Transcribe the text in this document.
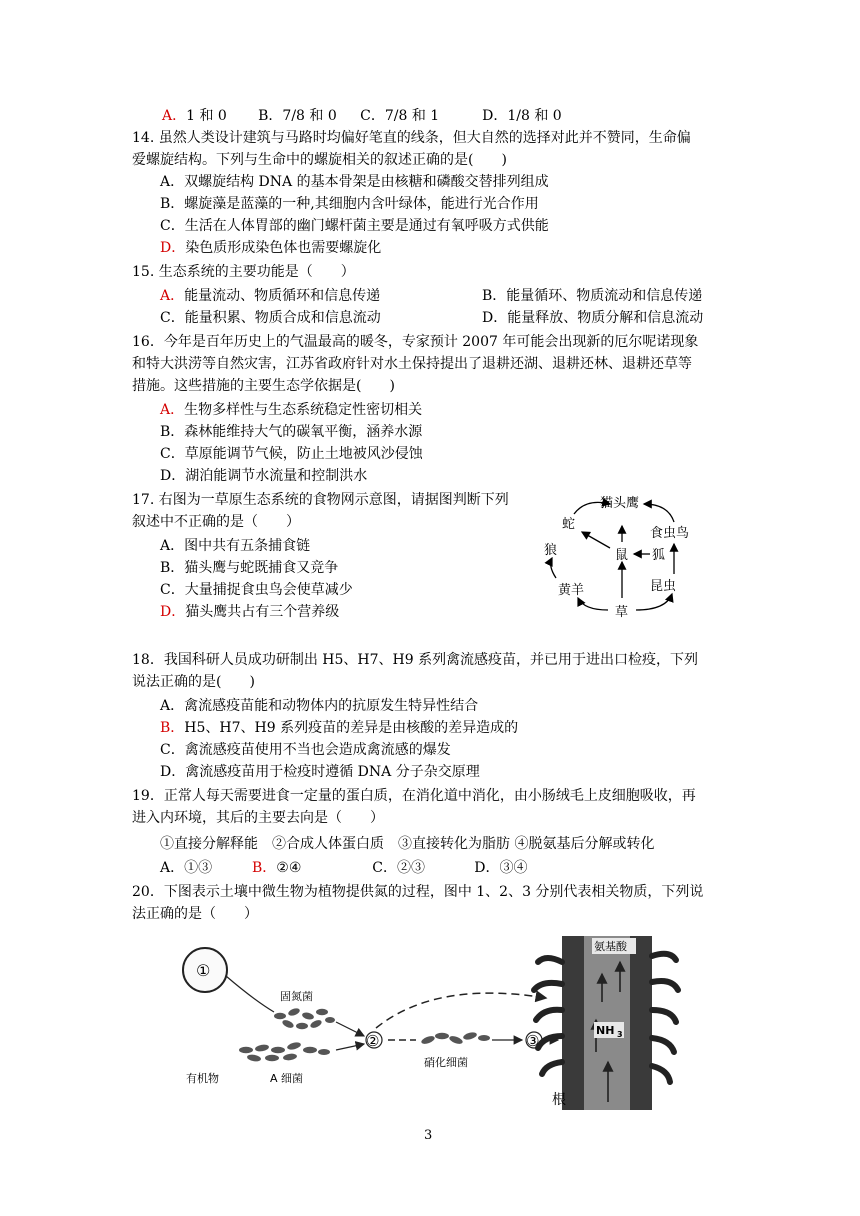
A．1 和 0 B．7/8 和 0 C．7/8 和 1	D．1/8 和 0
14. 虽然人类设计建筑与马路时均偏好笔直的线条，但大自然的选择对此并不赞同，生命偏
爱螺旋结构。下列与生命中的螺旋相关的叙述正确的是(　　)
A．双螺旋结构 DNA 的基本骨架是由核糖和磷酸交替排列组成
B．螺旋藻是蓝藻的一种,其细胞内含叶绿体，能进行光合作用
C．生活在人体胃部的幽门螺杆菌主要是通过有氧呼吸方式供能
D．染色质形成染色体也需要螺旋化
15. 生态系统的主要功能是（　　）
A．能量流动、物质循环和信息传递	B．能量循环、物质流动和信息传递
C．能量积累、物质合成和信息流动	D．能量释放、物质分解和信息流动
16．今年是百年历史上的气温最高的暖冬，专家预计 2007 年可能会出现新的厄尔呢诺现象
和特大洪涝等自然灾害，江苏省政府针对水土保持提出了退耕还湖、退耕还林、退耕还草等
措施。这些措施的主要生态学依据是(　　)
A．生物多样性与生态系统稳定性密切相关
B．森林能维持大气的碳氧平衡，涵养水源
C．草原能调节气候，防止土地被风沙侵蚀
D．湖泊能调节水流量和控制洪水
17. 右图为一草原生态系统的食物网示意图，请据图判断下列
叙述中不正确的是（　　）
A．图中共有五条捕食链
B．猫头鹰与蛇既捕食又竞争
C．大量捕捉食虫鸟会使草减少
D．猫头鹰共占有三个营养级
猫头鹰
蛇
食虫鸟
狼	鼠 狐
黄羊	昆虫
草
18．我国科研人员成功研制出 H5、H7、H9 系列禽流感疫苗，并已用于进出口检疫，下列
说法正确的是(　　)
A．禽流感疫苗能和动物体内的抗原发生特异性结合
B．H5、H7、H9 系列疫苗的差异是由核酸的差异造成的
C．禽流感疫苗使用不当也会造成禽流感的爆发
D．禽流感疫苗用于检疫时遵循 DNA 分子杂交原理
19．正常人每天需要进食一定量的蛋白质，在消化道中消化，由小肠绒毛上皮细胞吸收，再
进入内环境，其后的主要去向是（　　）
①直接分解释能　②合成人体蛋白质　③直接转化为脂肪 ④脱氨基后分解或转化
A．①③	B．②④	C．②③	D．③④
20．下图表示土壤中微生物为植物提供氮的过程，图中 1、2、3 分别代表相关物质，下列说
法正确的是（　　）
①
固氮菌
有机物	A 细菌
②
硝化细菌
③
氨基酸
NH 3
根
3
